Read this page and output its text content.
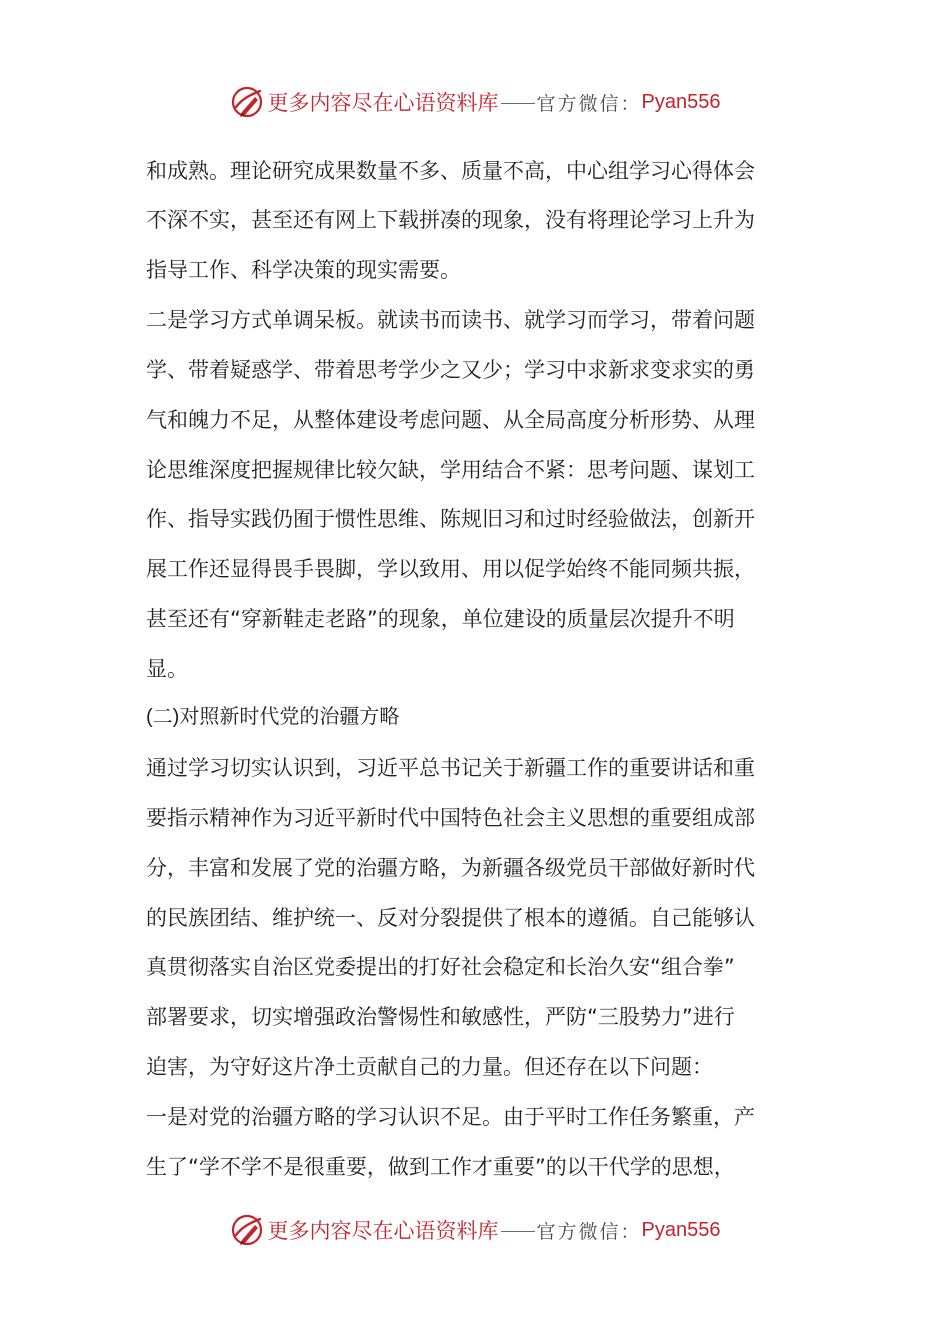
更多内容尽在心语资料库 官方微信： Pyan556
和成熟。理论研究成果数量不多、质量不高，中心组学习心得体会
不深不实，甚至还有网上下载拼凑的现象，没有将理论学习上升为
指导工作、科学决策的现实需要。
二是学习方式单调呆板。就读书而读书、就学习而学习，带着问题
学、带着疑惑学、带着思考学少之又少；学习中求新求变求实的勇
气和魄力不足，从整体建设考虑问题、从全局高度分析形势、从理
论思维深度把握规律比较欠缺，学用结合不紧：思考问题、谋划工
作、指导实践仍囿于惯性思维、陈规旧习和过时经验做法，创新开
展工作还显得畏手畏脚，学以致用、用以促学始终不能同频共振，
甚至还有“穿新鞋走老路”的现象，单位建设的质量层次提升不明
显。
(二)对照新时代党的治疆方略
通过学习切实认识到，习近平总书记关于新疆工作的重要讲话和重
要指示精神作为习近平新时代中国特色社会主义思想的重要组成部
分，丰富和发展了党的治疆方略，为新疆各级党员干部做好新时代
的民族团结、维护统一、反对分裂提供了根本的遵循。自己能够认
真贯彻落实自治区党委提出的打好社会稳定和长治久安“组合拳”
部署要求，切实增强政治警惕性和敏感性，严防“三股势力”进行
迫害，为守好这片净土贡献自己的力量。但还存在以下问题：
一是对党的治疆方略的学习认识不足。由于平时工作任务繁重，产
生了“学不学不是很重要，做到工作才重要”的以干代学的思想，
更多内容尽在心语资料库 官方微信： Pyan556
